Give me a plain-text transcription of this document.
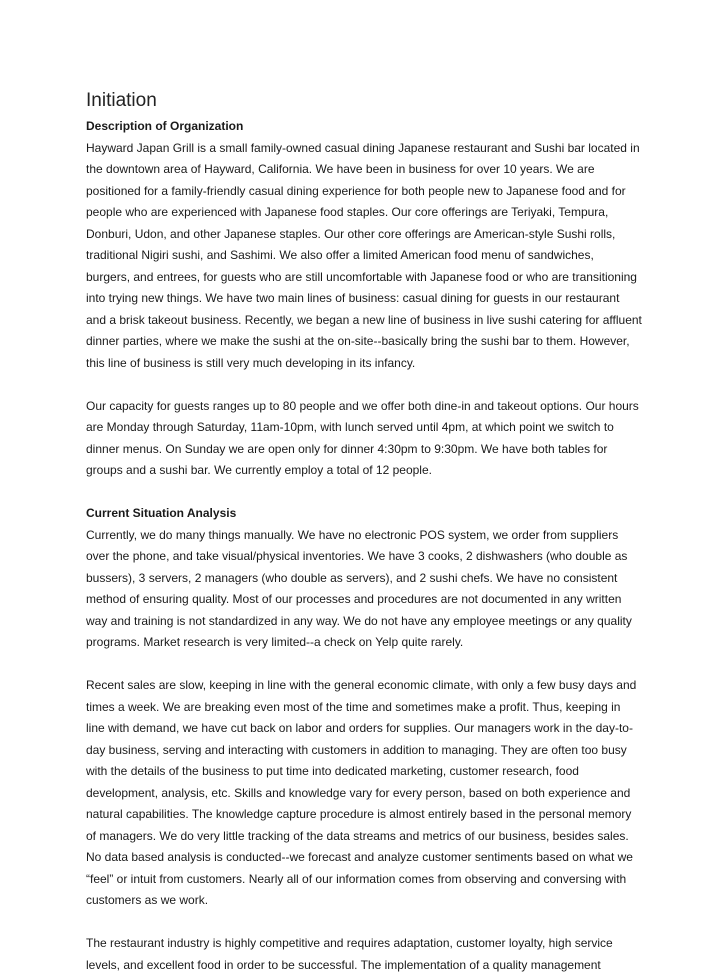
Initiation
Description of Organization

Hayward Japan Grill is a small family-owned casual dining Japanese restaurant and Sushi bar located in
the downtown area of Hayward, California. We have been in business for over 10 years. We are
positioned for a family-friendly casual dining experience for both people new to Japanese food and for
people who are experienced with Japanese food staples. Our core offerings are Teriyaki, Tempura,
Donburi, Udon, and other Japanese staples. Our other core offerings are American-style Sushi rolls,
traditional Nigiri sushi, and Sashimi. We also offer a limited American food menu of sandwiches,
burgers, and entrees, for guests who are still uncomfortable with Japanese food or who are transitioning
into trying new things. We have two main lines of business: casual dining for guests in our restaurant
and a brisk takeout business. Recently, we began a new line of business in live sushi catering for affluent
dinner parties, where we make the sushi at the on-site--basically bring the sushi bar to them. However,
this line of business is still very much developing in its infancy.

Our capacity for guests ranges up to 80 people and we offer both dine-in and takeout options. Our hours
are Monday through Saturday, 11am-10pm, with lunch served until 4pm, at which point we switch to
dinner menus. On Sunday we are open only for dinner 4:30pm to 9:30pm. We have both tables for
groups and a sushi bar. We currently employ a total of 12 people.

Current Situation Analysis

Currently, we do many things manually. We have no electronic POS system, we order from suppliers
over the phone, and take visual/physical inventories. We have 3 cooks, 2 dishwashers (who double as
bussers), 3 servers, 2 managers (who double as servers), and 2 sushi chefs. We have no consistent
method of ensuring quality. Most of our processes and procedures are not documented in any written
way and training is not standardized in any way. We do not have any employee meetings or any quality
programs. Market research is very limited--a check on Yelp quite rarely.

Recent sales are slow, keeping in line with the general economic climate, with only a few busy days and
times a week. We are breaking even most of the time and sometimes make a profit. Thus, keeping in
line with demand, we have cut back on labor and orders for supplies. Our managers work in the day-to-
day business, serving and interacting with customers in addition to managing. They are often too busy
with the details of the business to put time into dedicated marketing, customer research, food
development, analysis, etc. Skills and knowledge vary for every person, based on both experience and
natural capabilities. The knowledge capture procedure is almost entirely based in the personal memory
of managers. We do very little tracking of the data streams and metrics of our business, besides sales.
No data based analysis is conducted--we forecast and analyze customer sentiments based on what we
“feel” or intuit from customers. Nearly all of our information comes from observing and conversing with
customers as we work.

The restaurant industry is highly competitive and requires adaptation, customer loyalty, high service
levels, and excellent food in order to be successful. The implementation of a quality management
